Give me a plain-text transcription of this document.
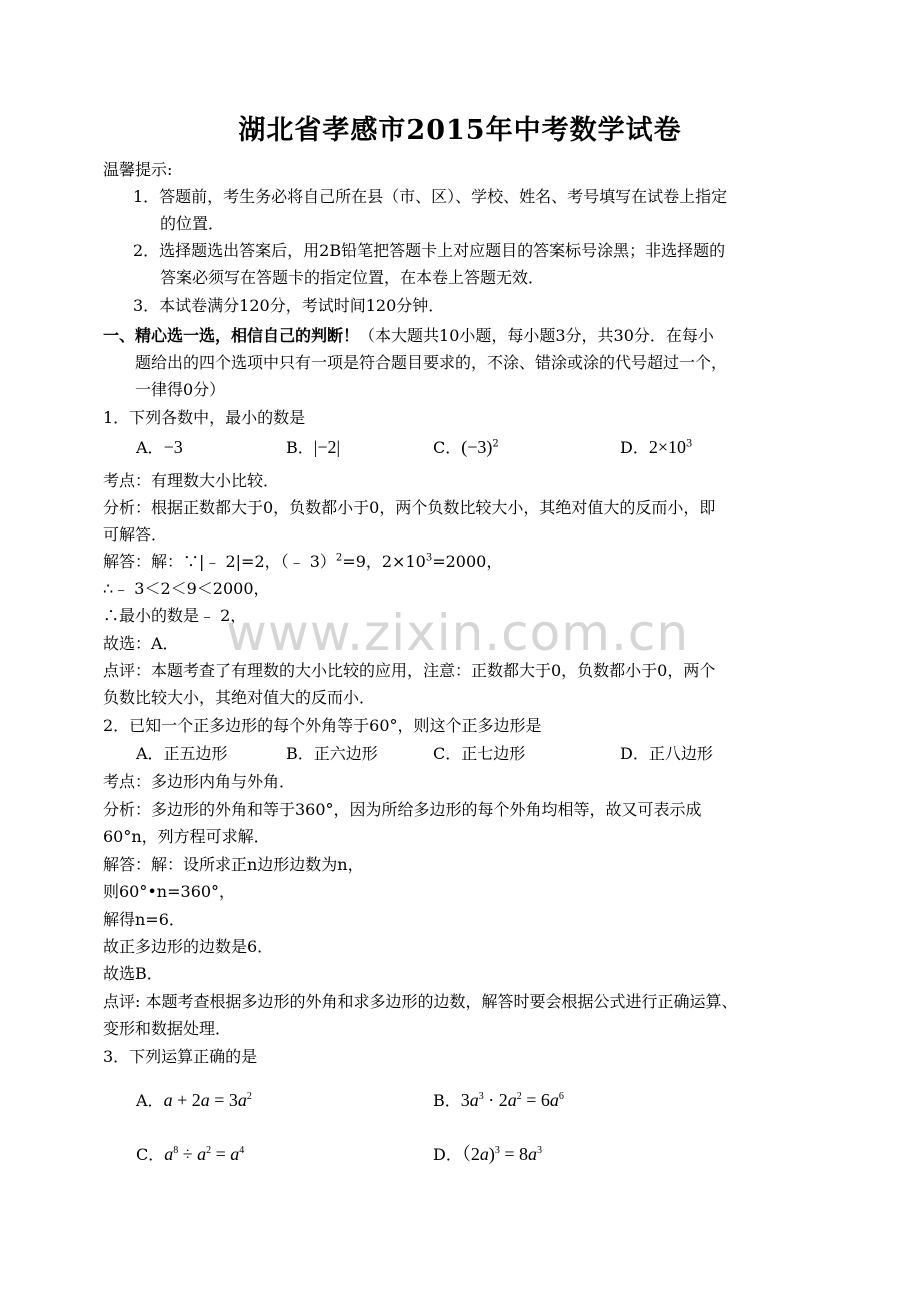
湖北省孝感市2015年中考数学试卷
温馨提示:
1．答题前，考生务必将自己所在县（市、区）、学校、姓名、考号填写在试卷上指定
的位置．
2．选择题选出答案后，用2B铅笔把答题卡上对应题目的答案标号涂黑；非选择题的
答案必须写在答题卡的指定位置，在本卷上答题无效．
3．本试卷满分120分，考试时间120分钟．
一、精心选一选，相信自己的判断！（本大题共10小题，每小题3分，共30分．在每小
题给出的四个选项中只有一项是符合题目要求的，不涂、错涂或涂的代号超过一个，
一律得0分）
1．下列各数中，最小的数是
A．−3	B．|−2|	C．$(-3)^2$	D．$2\times 10^3$
考点：有理数大小比较．
分析：根据正数都大于0，负数都小于0，两个负数比较大小，其绝对值大的反而小，即
可解答．
解答：解：∵|﹣ 2|=2，（﹣ 3）$^2$=9，$2\times 10^3=2000$，
∴﹣ 3＜2＜9＜2000，
∴最小的数是﹣ 2，
故选：A．
点评：本题考查了有理数的大小比较的应用，注意：正数都大于0，负数都小于0，两个
负数比较大小，其绝对值大的反而小．
2．已知一个正多边形的每个外角等于60°，则这个正多边形是
A．正五边形	B．正六边形	C．正七边形	D．正八边形
考点：多边形内角与外角．
分析：多边形的外角和等于360°，因为所给多边形的每个外角均相等，故又可表示成
60°n，列方程可求解．
解答：解：设所求正n边形边数为n，
则60°•n=360°，
解得n=6．
故正多边形的边数是6．
故选B．
点评: 本题考查根据多边形的外角和求多边形的边数，解答时要会根据公式进行正确运算、
变形和数据处理．
3．下列运算正确的是
A．$a + 2a = 3a^2$	B．$3a^3 \cdot 2a^2 = 6a^6$
C．$a^8 \div a^2 = a^4$	D．$(2a)^3 = 8a^3$
www.zixin.com.cn
